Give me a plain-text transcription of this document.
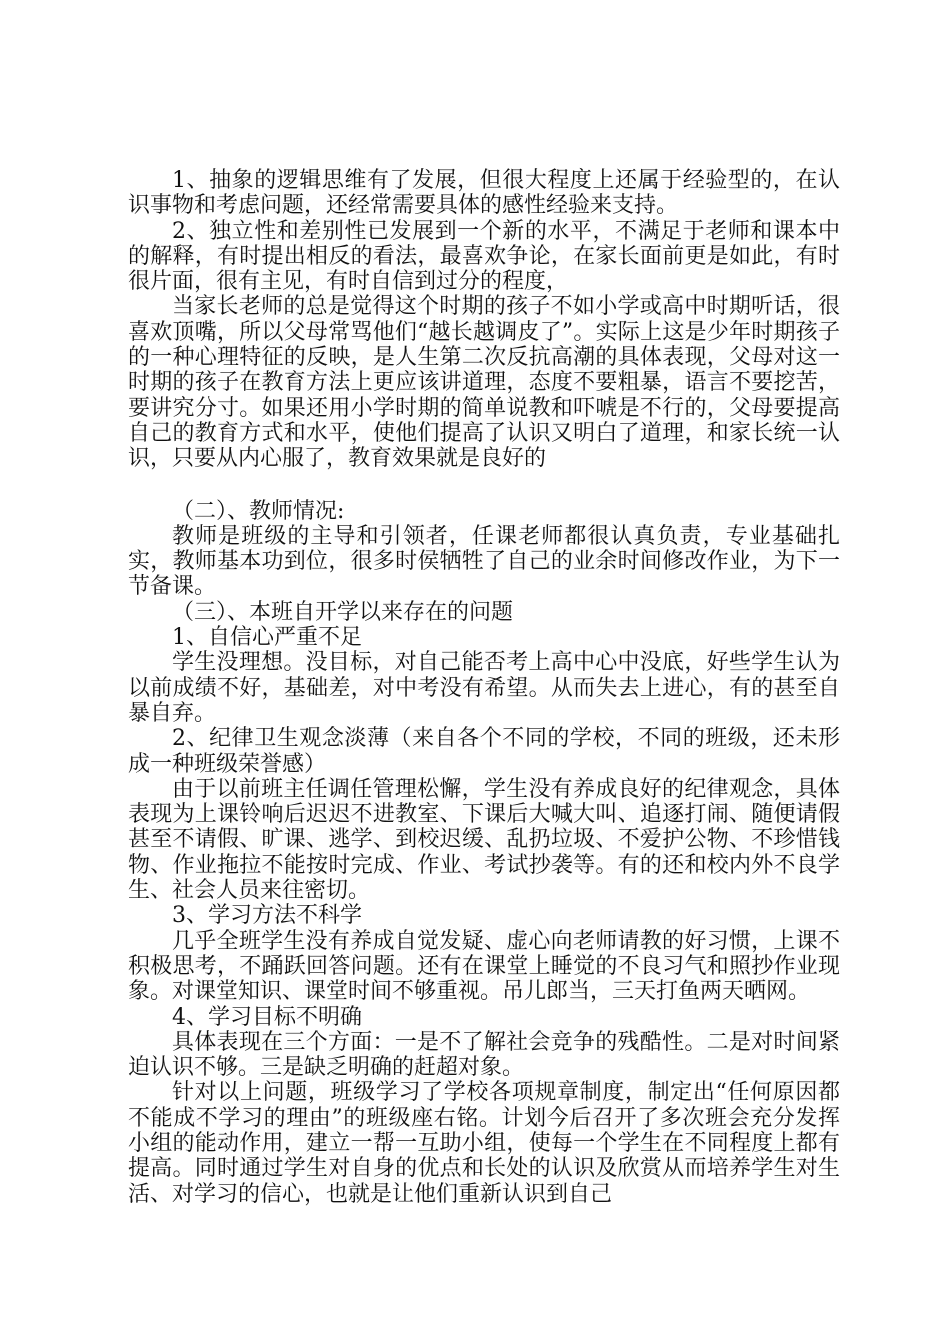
1、抽象的逻辑思维有了发展，但很大程度上还属于经验型的，在认识事物和考虑问题，还经常需要具体的感性经验来支持。

2、独立性和差别性已发展到一个新的水平，不满足于老师和课本中的解释，有时提出相反的看法，最喜欢争论，在家长面前更是如此，有时很片面，很有主见，有时自信到过分的程度，

当家长老师的总是觉得这个时期的孩子不如小学或高中时期听话，很喜欢顶嘴，所以父母常骂他们“越长越调皮了”。实际上这是少年时期孩子的一种心理特征的反映，是人生第二次反抗高潮的具体表现，父母对这一时期的孩子在教育方法上更应该讲道理，态度不要粗暴，语言不要挖苦，要讲究分寸。如果还用小学时期的简单说教和吓唬是不行的，父母要提高自己的教育方式和水平，使他们提高了认识又明白了道理，和家长统一认识，只要从内心服了，教育效果就是良好的

（二）、教师情况:

教师是班级的主导和引领者，任课老师都很认真负责，专业基础扎实，教师基本功到位，很多时侯牺牲了自己的业余时间修改作业，为下一节备课。

（三）、本班自开学以来存在的问题

1、自信心严重不足

学生没理想。没目标，对自己能否考上高中心中没底，好些学生认为以前成绩不好，基础差，对中考没有希望。从而失去上进心，有的甚至自暴自弃。

2、纪律卫生观念淡薄（来自各个不同的学校，不同的班级，还未形成一种班级荣誉感）

由于以前班主任调任管理松懈，学生没有养成良好的纪律观念，具体表现为上课铃响后迟迟不进教室、下课后大喊大叫、追逐打闹、随便请假甚至不请假、旷课、逃学、到校迟缓、乱扔垃圾、不爱护公物、不珍惜钱物、作业拖拉不能按时完成、作业、考试抄袭等。有的还和校内外不良学生、社会人员来往密切。

3、学习方法不科学

几乎全班学生没有养成自觉发疑、虚心向老师请教的好习惯，上课不积极思考，不踊跃回答问题。还有在课堂上睡觉的不良习气和照抄作业现象。对课堂知识、课堂时间不够重视。吊儿郎当，三天打鱼两天晒网。

4、学习目标不明确

具体表现在三个方面：一是不了解社会竞争的残酷性。二是对时间紧迫认识不够。三是缺乏明确的赶超对象。

针对以上问题，班级学习了学校各项规章制度，制定出“任何原因都不能成不学习的理由”的班级座右铭。计划今后召开了多次班会充分发挥小组的能动作用，建立一帮一互助小组，使每一个学生在不同程度上都有提高。同时通过学生对自身的优点和长处的认识及欣赏从而培养学生对生活、对学习的信心，也就是让他们重新认识到自己
